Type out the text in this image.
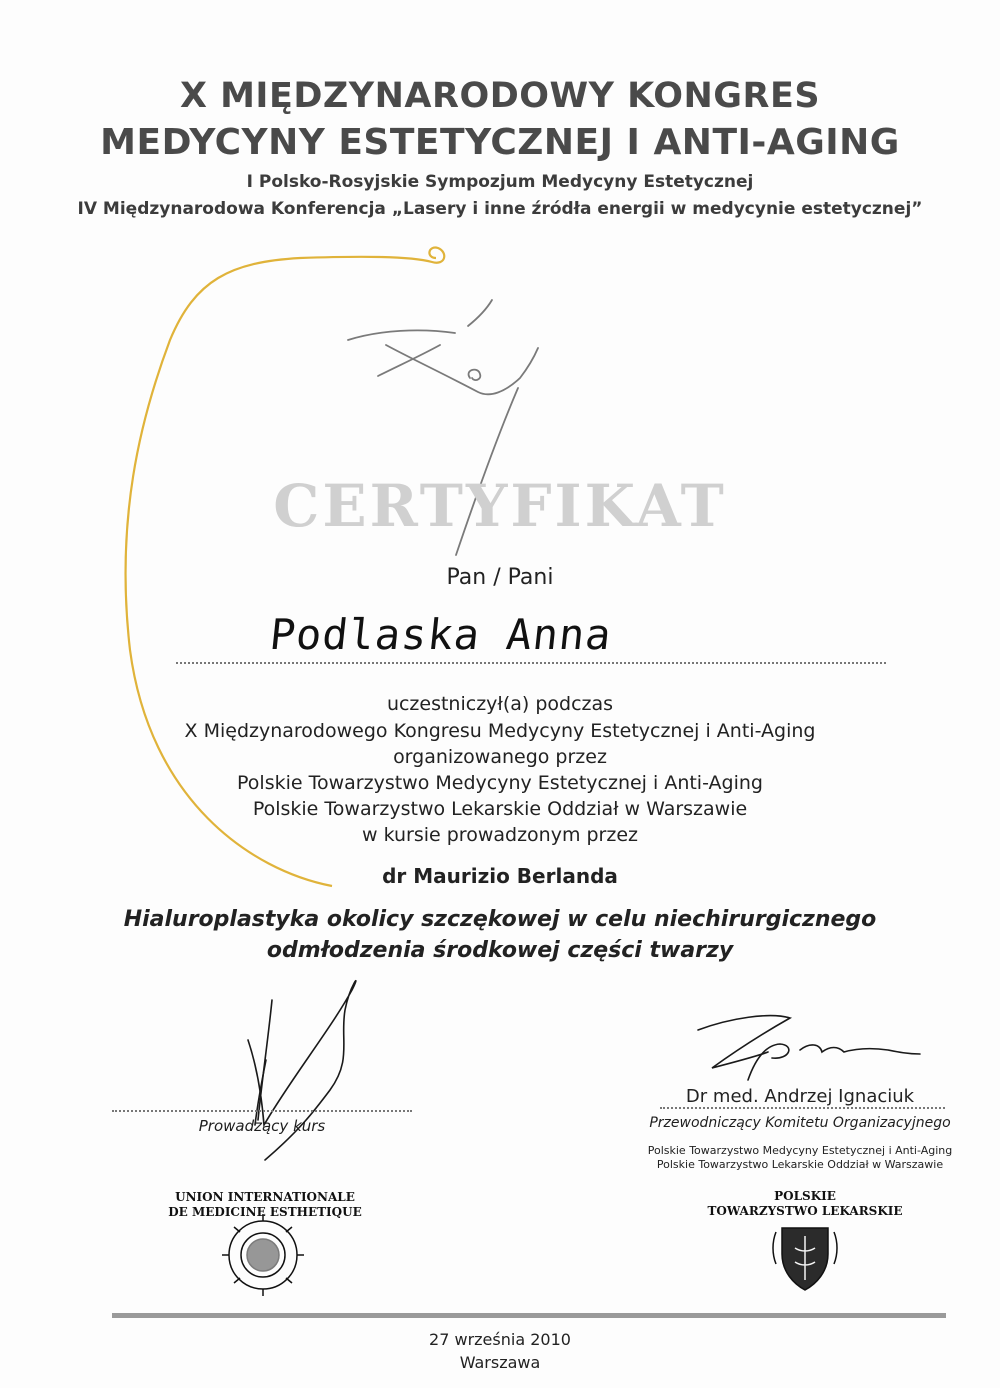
X MIĘDZYNARODOWY KONGRES
MEDYCYNY ESTETYCZNEJ I ANTI-AGING
I Polsko-Rosyjskie Sympozjum Medycyny Estetycznej
IV Międzynarodowa Konferencja „Lasery i inne źródła energii w medycynie estetycznej”
CERTYFIKAT
Pan / Pani
Podlaska Anna
uczestniczył(a) podczas
X Międzynarodowego Kongresu Medycyny Estetycznej i Anti-Aging
organizowanego przez
Polskie Towarzystwo Medycyny Estetycznej i Anti-Aging
Polskie Towarzystwo Lekarskie Oddział w Warszawie
w kursie prowadzonym przez
dr Maurizio Berlanda
Hialuroplastyka okolicy szczękowej w celu niechirurgicznego
odmłodzenia środkowej części twarzy
Prowadzący kurs
Dr med. Andrzej Ignaciuk
Przewodniczący Komitetu Organizacyjnego
Polskie Towarzystwo Medycyny Estetycznej i Anti-Aging
Polskie Towarzystwo Lekarskie Oddział w Warszawie
UNION INTERNATIONALE
DE MEDICINE ESTHETIQUE
POLSKIE
TOWARZYSTWO LEKARSKIE
27 września 2010
Warszawa
